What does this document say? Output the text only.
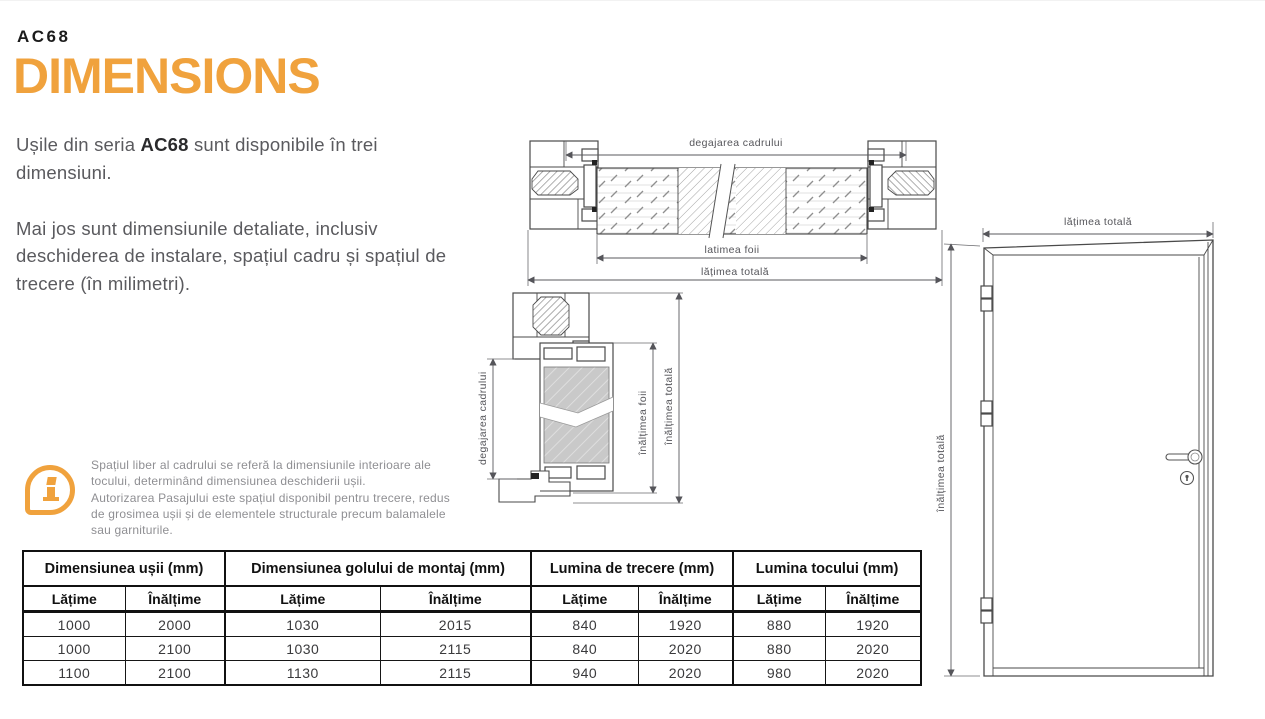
AC68
DIMENSIONS

Ușile din seria AC68 sunt disponibile în trei dimensiuni.

Mai jos sunt dimensiunile detaliate, inclusiv deschiderea de instalare, spațiul cadru și spațiul de trecere (în milimetri).

Spațiul liber al cadrului se referă la dimensiunile interioare ale tocului, determinând dimensiunea deschiderii ușii.
Autorizarea Pasajului este spațiul disponibil pentru trecere, redus de grosimea ușii și de elementele structurale precum balamalele sau garniturile.
degajarea cadrului
latimea foii
lățimea totală
degajarea cadrului	înălțimea foii înălțimea totală
lățimea totală
înălțimea totală
Dimensiunea ușii (mm)		Dimensiunea golului de montaj (mm)		Lumina de trecere (mm)		Lumina tocului (mm)	
Lățime	Înălțime	Lățime	Înălțime	Lățime	Înălțime	Lățime	Înălțime
1000	2000	1030	2015	840	1920	880	1920
1000	2100	1030	2115	840	2020	880	2020
1100	2100	1130	2115	940	2020	980	2020
